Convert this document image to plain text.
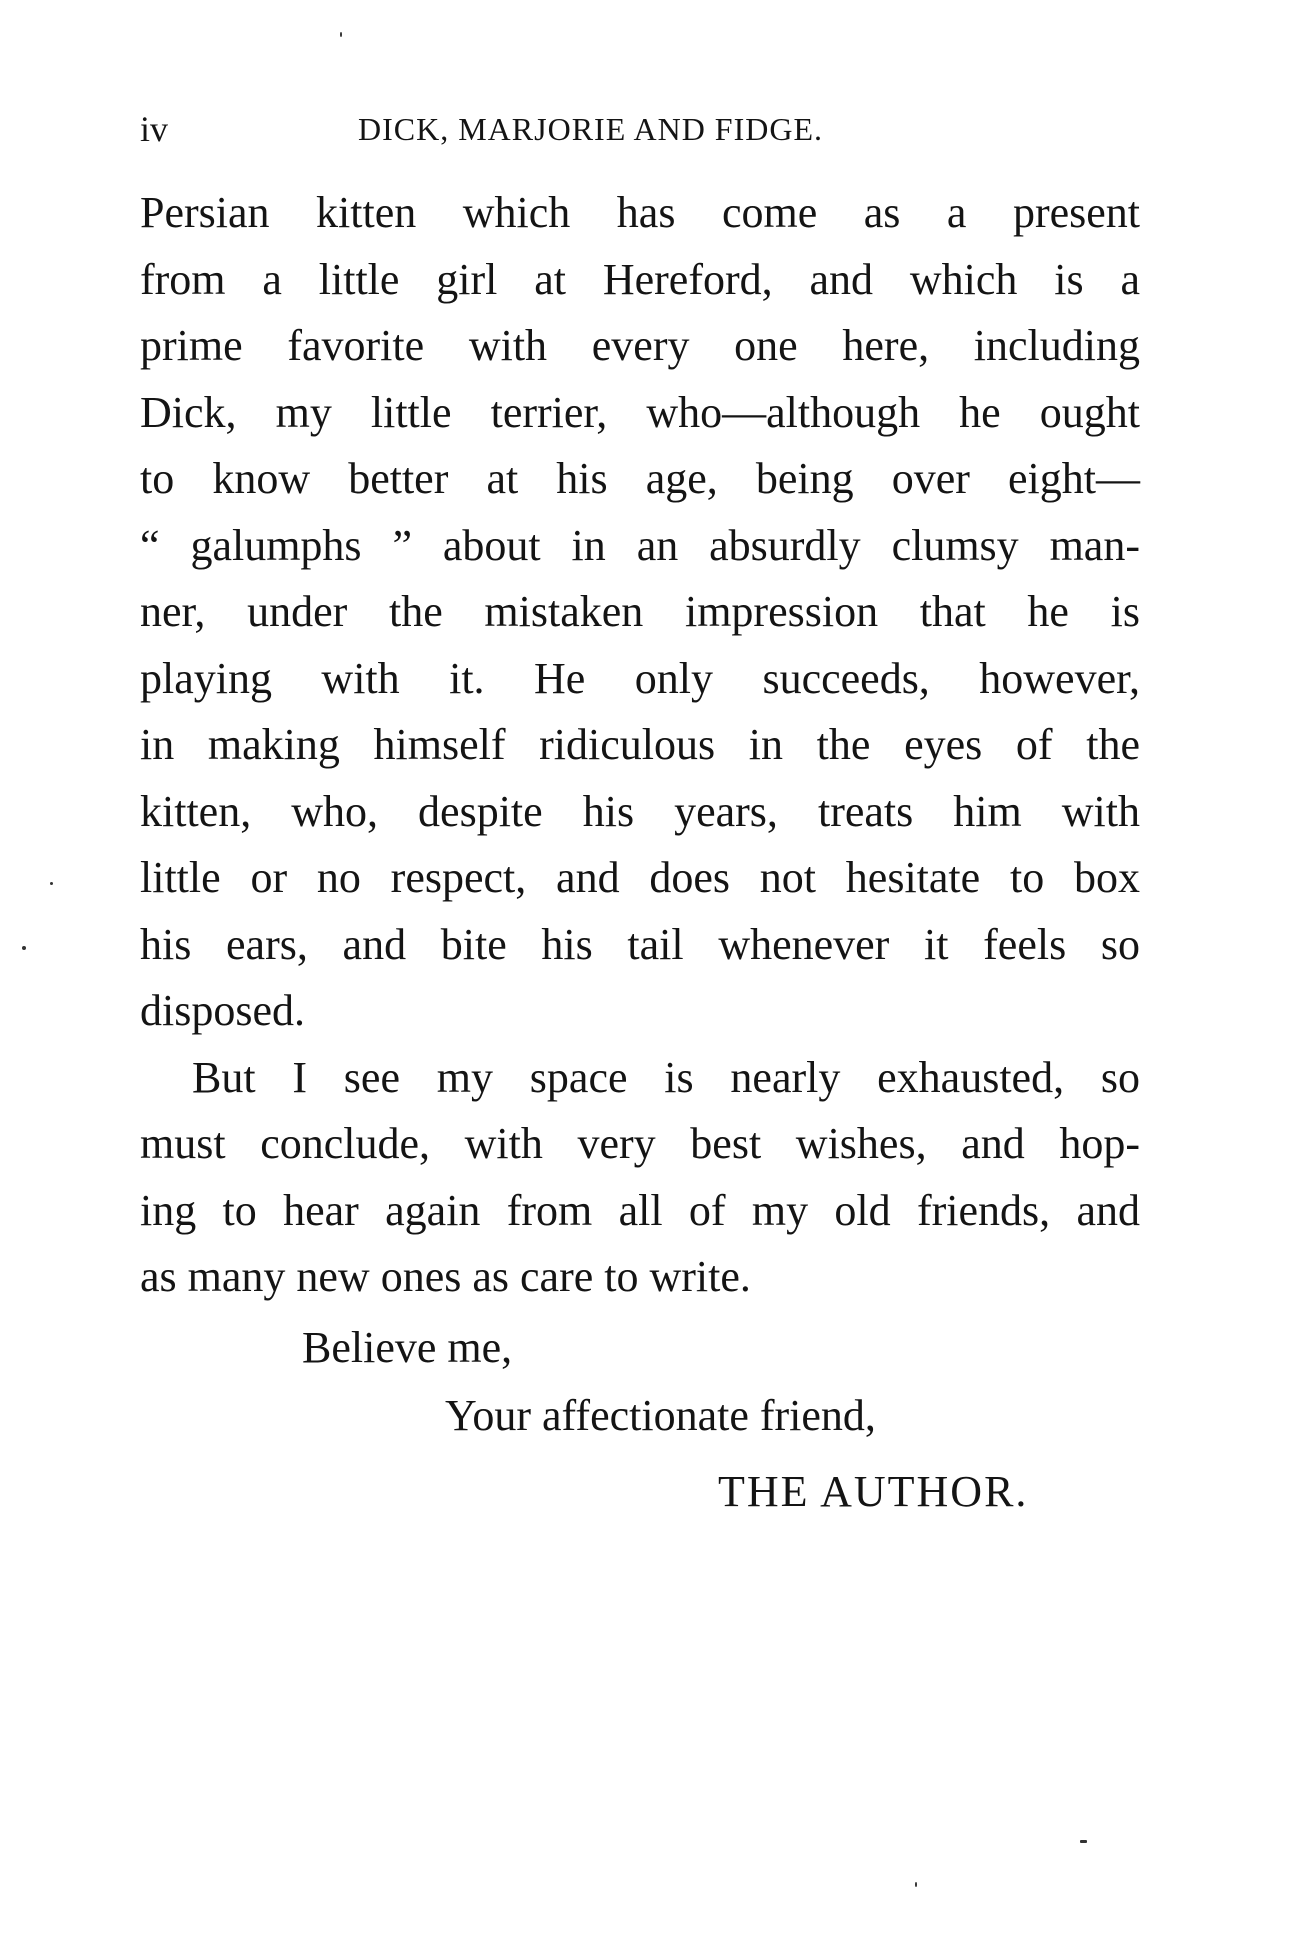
iv	DICK, MARJORIE AND FIDGE.
Persian kitten which has come as a present
from a little girl at Hereford, and which is a
prime favorite with every one here, including
Dick, my little terrier, who—although he ought
to know better at his age, being over eight—
“ galumphs ” about in an absurdly clumsy man-
ner, under the mistaken impression that he is
playing with it. He only succeeds, however,
in making himself ridiculous in the eyes of the
kitten, who, despite his years, treats him with
little or no respect, and does not hesitate to box
his ears, and bite his tail whenever it feels so
disposed.
But I see my space is nearly exhausted, so
must conclude, with very best wishes, and hop-
ing to hear again from all of my old friends, and
as many new ones as care to write.
Believe me,
Your affectionate friend,
THE AUTHOR.
